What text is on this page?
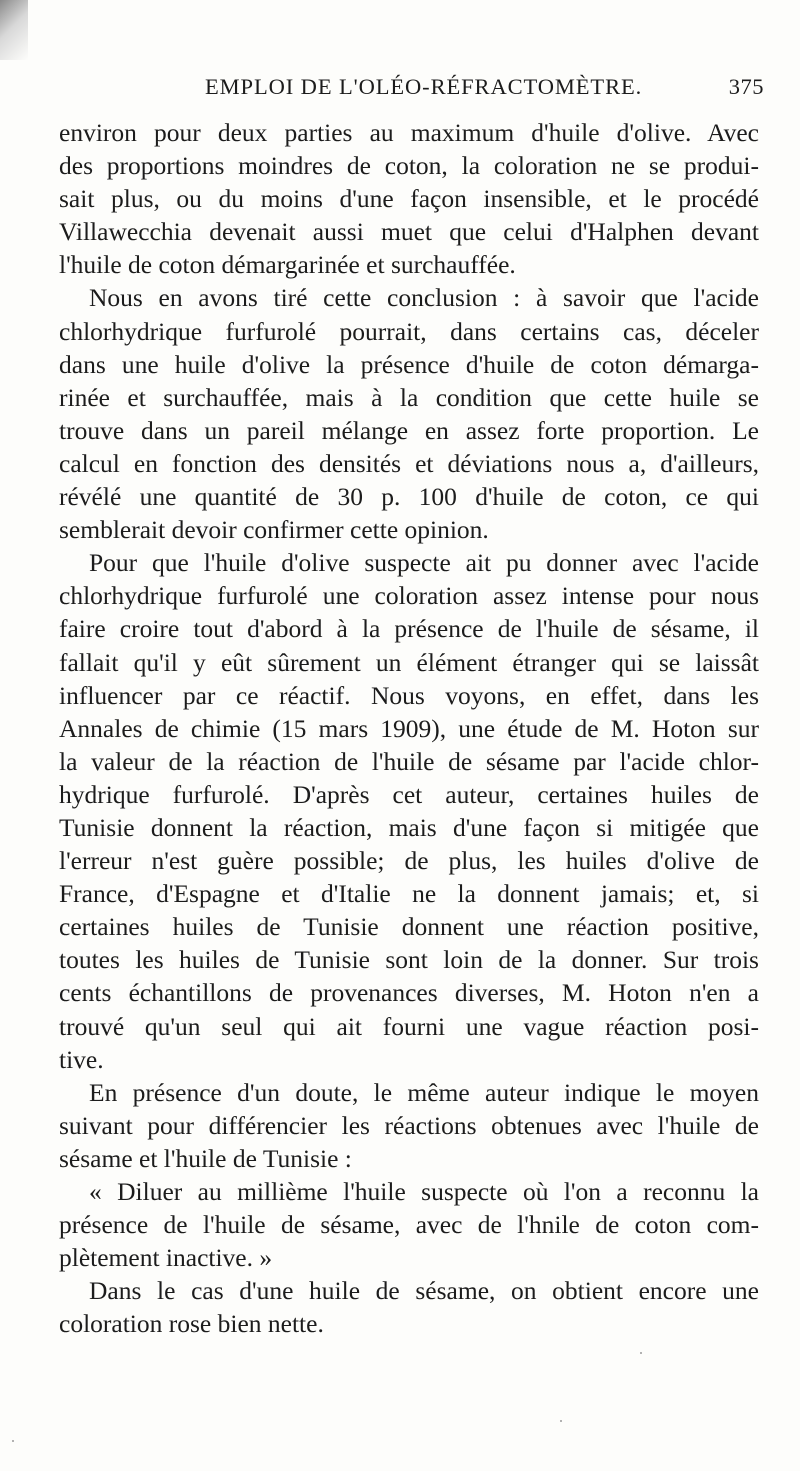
EMPLOI DE L'OLÉO-RÉFRACTOMÈTRE.	375
environ pour deux parties au maximum d'huile d'olive. Avec
des proportions moindres de coton, la coloration ne se produi-
sait plus, ou du moins d'une façon insensible, et le procédé
Villawecchia devenait aussi muet que celui d'Halphen devant
l'huile de coton démargarinée et surchauffée.
Nous en avons tiré cette conclusion : à savoir que l'acide
chlorhydrique furfurolé pourrait, dans certains cas, déceler
dans une huile d'olive la présence d'huile de coton démarga-
rinée et surchauffée, mais à la condition que cette huile se
trouve dans un pareil mélange en assez forte proportion. Le
calcul en fonction des densités et déviations nous a, d'ailleurs,
révélé une quantité de 30 p. 100 d'huile de coton, ce qui
semblerait devoir confirmer cette opinion.
Pour que l'huile d'olive suspecte ait pu donner avec l'acide
chlorhydrique furfurolé une coloration assez intense pour nous
faire croire tout d'abord à la présence de l'huile de sésame, il
fallait qu'il y eût sûrement un élément étranger qui se laissât
influencer par ce réactif. Nous voyons, en effet, dans les
Annales de chimie (15 mars 1909), une étude de M. Hoton sur
la valeur de la réaction de l'huile de sésame par l'acide chlor-
hydrique furfurolé. D'après cet auteur, certaines huiles de
Tunisie donnent la réaction, mais d'une façon si mitigée que
l'erreur n'est guère possible; de plus, les huiles d'olive de
France, d'Espagne et d'Italie ne la donnent jamais; et, si
certaines huiles de Tunisie donnent une réaction positive,
toutes les huiles de Tunisie sont loin de la donner. Sur trois
cents échantillons de provenances diverses, M. Hoton n'en a
trouvé qu'un seul qui ait fourni une vague réaction posi-
tive.
En présence d'un doute, le même auteur indique le moyen
suivant pour différencier les réactions obtenues avec l'huile de
sésame et l'huile de Tunisie :
« Diluer au millième l'huile suspecte où l'on a reconnu la
présence de l'huile de sésame, avec de l'hnile de coton com-
plètement inactive. »
Dans le cas d'une huile de sésame, on obtient encore une
coloration rose bien nette.
